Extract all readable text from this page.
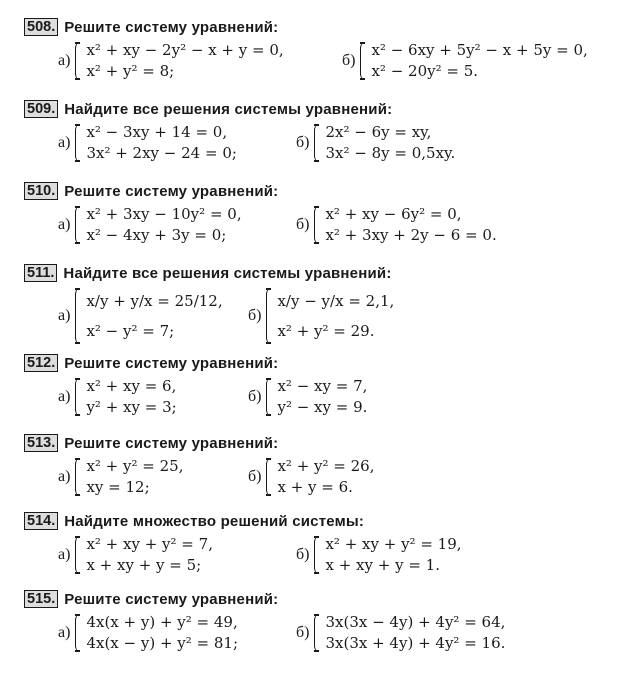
508. Решите систему уравнений:
а)
x² + xy − 2y² − x + y = 0,
x² + y² = 8;
б)
x² − 6xy + 5y² − x + 5y = 0,
x² − 20y² = 5.
509. Найдите все решения системы уравнений:
а)
x² − 3xy + 14 = 0,
3x² + 2xy − 24 = 0;
б)
2x² − 6y = xy,
3x² − 8y = 0,5xy.
510. Решите систему уравнений:
а)
x² + 3xy − 10y² = 0,
x² − 4xy + 3y = 0;
б)
x² + xy − 6y² = 0,
x² + 3xy + 2y − 6 = 0.
511. Найдите все решения системы уравнений:
а)
x/y + y/x = 25/12,
x² − y² = 7;
б)
x/y − y/x = 2,1,
x² + y² = 29.
512. Решите систему уравнений:
а)
x² + xy = 6,
y² + xy = 3;
б)
x² − xy = 7,
y² − xy = 9.
513. Решите систему уравнений:
а)
x² + y² = 25,
xy = 12;
б)
x² + y² = 26,
x + y = 6.
514. Найдите множество решений системы:
а)
x² + xy + y² = 7,
x + xy + y = 5;
б)
x² + xy + y² = 19,
x + xy + y = 1.
515. Решите систему уравнений:
а)
4x(x + y) + y² = 49,
4x(x − y) + y² = 81;
б)
3x(3x − 4y) + 4y² = 64,
3x(3x + 4y) + 4y² = 16.
